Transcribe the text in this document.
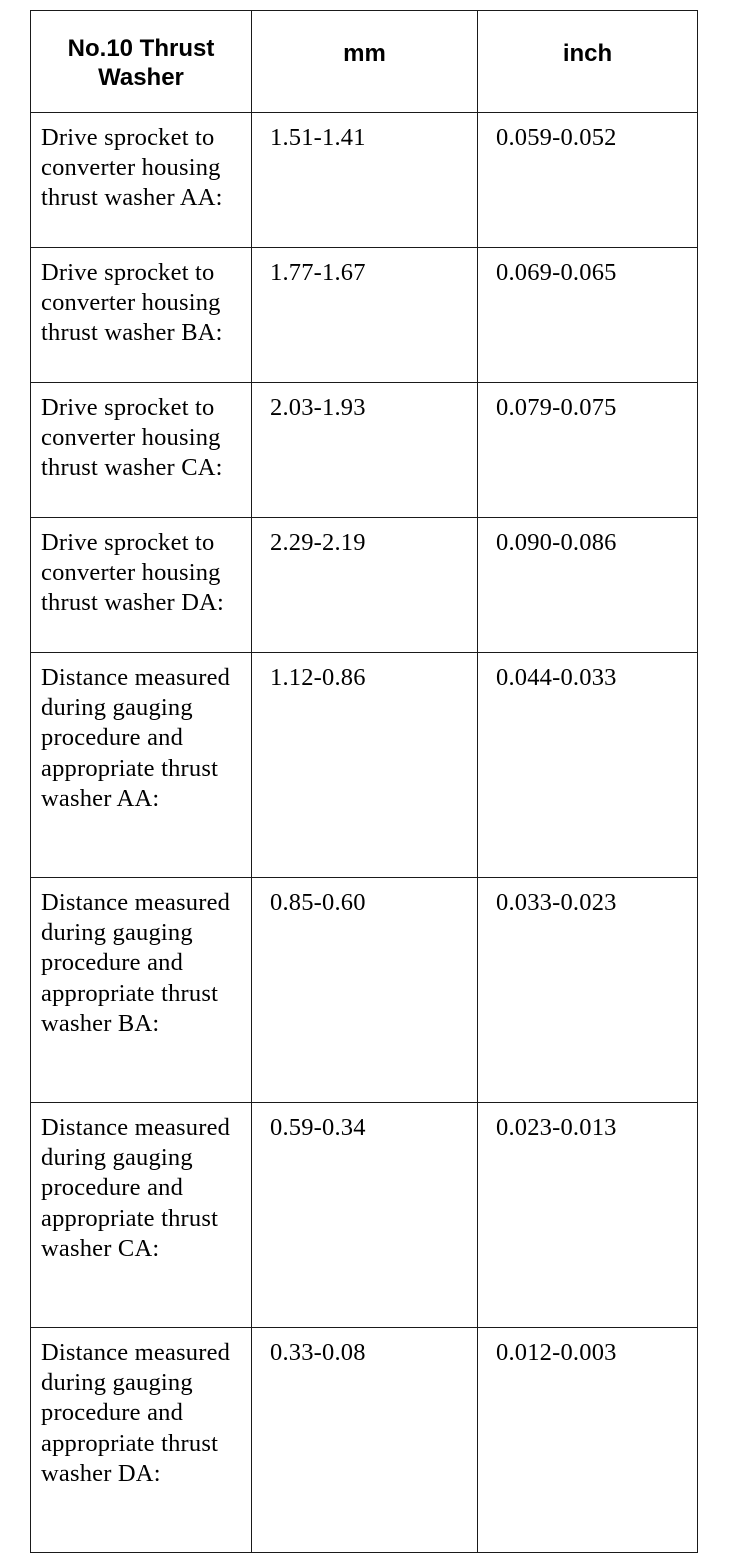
No.10 Thrust Washer	mm	inch

Drive sprocket to converter housing thrust washer AA:	1.51-1.41	0.059-0.052

Drive sprocket to converter housing thrust washer BA:	1.77-1.67	0.069-0.065

Drive sprocket to converter housing thrust washer CA:	2.03-1.93	0.079-0.075

Drive sprocket to converter housing thrust washer DA:	2.29-2.19	0.090-0.086

Distance measured during gauging procedure and appropriate thrust washer AA:	1.12-0.86	0.044-0.033

Distance measured during gauging procedure and appropriate thrust washer BA:	0.85-0.60	0.033-0.023

Distance measured during gauging procedure and appropriate thrust washer CA:	0.59-0.34	0.023-0.013

Distance measured during gauging procedure and appropriate thrust washer DA:	0.33-0.08	0.012-0.003
